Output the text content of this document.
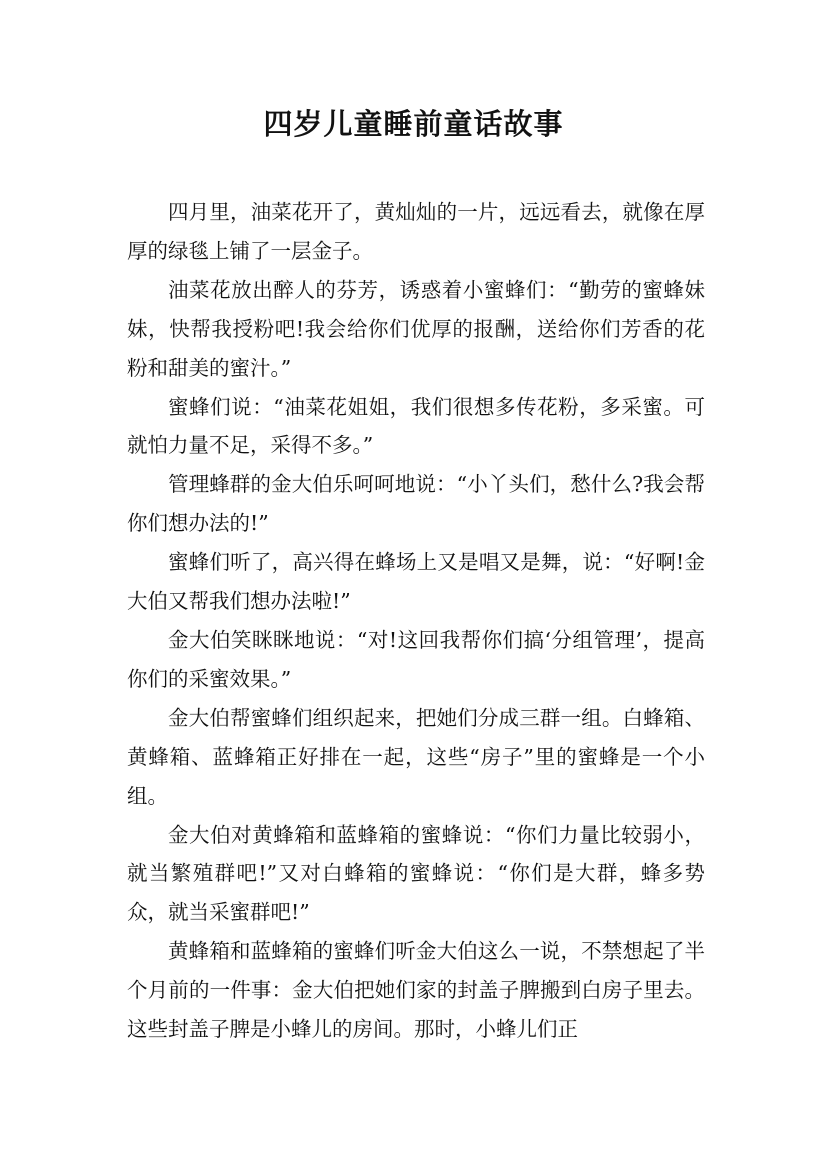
四岁儿童睡前童话故事

四月里，油菜花开了，黄灿灿的一片，远远看去，就像在厚厚的绿毯上铺了一层金子。

油菜花放出醉人的芬芳，诱惑着小蜜蜂们：“勤劳的蜜蜂妹妹，快帮我授粉吧!我会给你们优厚的报酬，送给你们芳香的花粉和甜美的蜜汁。”

蜜蜂们说：“油菜花姐姐，我们很想多传花粉，多采蜜。可就怕力量不足，采得不多。”

管理蜂群的金大伯乐呵呵地说：“小丫头们，愁什么?我会帮你们想办法的!”

蜜蜂们听了，高兴得在蜂场上又是唱又是舞，说：“好啊!金大伯又帮我们想办法啦!”

金大伯笑眯眯地说：“对!这回我帮你们搞‘分组管理’，提高你们的采蜜效果。”

金大伯帮蜜蜂们组织起来，把她们分成三群一组。白蜂箱、黄蜂箱、蓝蜂箱正好排在一起，这些“房子”里的蜜蜂是一个小组。

金大伯对黄蜂箱和蓝蜂箱的蜜蜂说：“你们力量比较弱小，就当繁殖群吧!”又对白蜂箱的蜜蜂说：“你们是大群，蜂多势众，就当采蜜群吧!”

黄蜂箱和蓝蜂箱的蜜蜂们听金大伯这么一说，不禁想起了半个月前的一件事：金大伯把她们家的封盖子脾搬到白房子里去。这些封盖子脾是小蜂儿的房间。那时，小蜂儿们正
